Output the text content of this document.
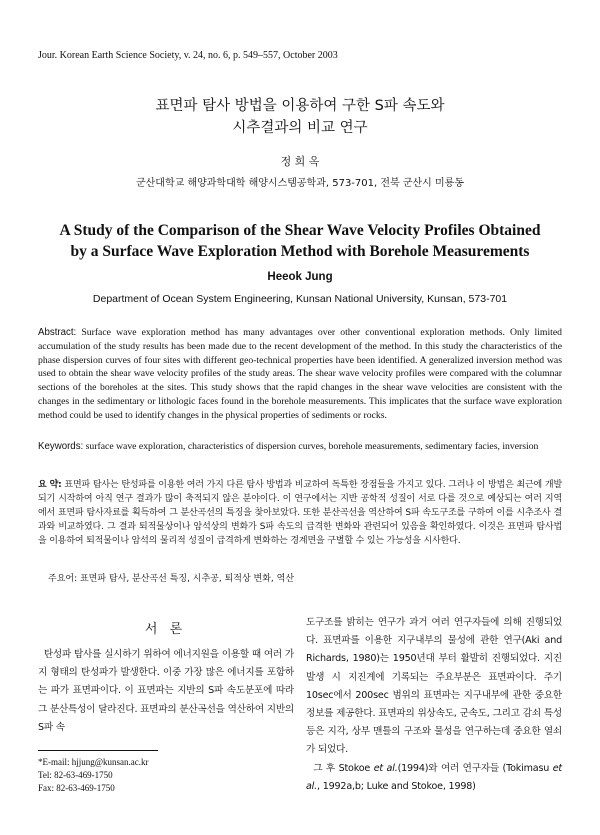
Jour. Korean Earth Science Society, v. 24, no. 6, p. 549–557, October 2003
표면파 탐사 방법을 이용하여 구한 S파 속도와
시추결과의 비교 연구
정 희 옥
군산대학교 해양과학대학 해양시스템공학과, 573-701, 전북 군산시 미룡동
A Study of the Comparison of the Shear Wave Velocity Profiles Obtained
by a Surface Wave Exploration Method with Borehole Measurements
Heeok Jung
Department of Ocean System Engineering, Kunsan National University, Kunsan, 573-701
Abstract: Surface wave exploration method has many advantages over other conventional exploration methods. Only limited accumulation of the study results has been made due to the recent development of the method. In this study the characteristics of the phase dispersion curves of four sites with different geo-technical properties have been identified. A generalized inversion method was used to obtain the shear wave velocity profiles of the study areas. The shear wave velocity profiles were compared with the columnar sections of the boreholes at the sites. This study shows that the rapid changes in the shear wave velocities are consistent with the changes in the sedimentary or lithologic faces found in the borehole measurements. This implicates that the surface wave exploration method could be used to identify changes in the physical properties of sediments or rocks.
Keywords: surface wave exploration, characteristics of dispersion curves, borehole measurements, sedimentary facies, inversion
요 약: 표면파 탐사는 탄성파를 이용한 여러 가지 다른 탐사 방법과 비교하여 독특한 장점들을 가지고 있다. 그러나 이 방법은 최근에 개발되기 시작하여 아직 연구 결과가 많이 축적되지 않은 분야이다. 이 연구에서는 지반 공학적 성질이 서로 다를 것으로 예상되는 여러 지역에서 표면파 탐사자료를 획득하여 그 분산곡선의 특징을 찾아보았다. 또한 분산곡선을 역산하여 S파 속도구조를 구하여 이를 시추조사 결과와 비교하였다. 그 결과 퇴적물상이나 암석상의 변화가 S파 속도의 급격한 변화와 관련되어 있음을 확인하였다. 이것은 표면파 탐사법을 이용하여 퇴적물이나 암석의 물리적 성질이 급격하게 변화하는 경계면을 구별할 수 있는 가능성을 시사한다.
주요어: 표면파 탐사, 분산곡선 특징, 시추공, 퇴적상 변화, 역산
서 론

탄성파 탐사를 실시하기 위하여 에너지원을 이용할 때 여러 가지 형태의 탄성파가 발생한다. 이중 가장 많은 에너지를 포함하는 파가 표면파이다. 이 표면파는 지반의 S파 속도분포에 따라 그 분산특성이 달라진다. 표면파의 분산곡선을 역산하여 지반의 S파 속

도구조를 밝히는 연구가 과거 여러 연구자들에 의해 진행되었다. 표면파를 이용한 지구내부의 물성에 관한 연구(Aki and Richards, 1980)는 1950년대 부터 활발히 진행되었다. 지진 발생 시 지진계에 기록되는 주요부분은 표면파이다. 주기 10sec에서 200sec 범위의 표면파는 지구내부에 관한 중요한 정보를 제공한다. 표면파의 위상속도, 군속도, 그리고 감쇠 특성 등은 지각, 상부 맨틀의 구조와 물성을 연구하는데 중요한 열쇠가 되었다.

그 후 Stokoe et al.(1994)와 여러 연구자들 (Tokimasu et al., 1992a,b; Luke and Stokoe, 1998)

*E-mail: hjjung@kunsan.ac.kr
Tel: 82-63-469-1750
Fax: 82-63-469-1750
